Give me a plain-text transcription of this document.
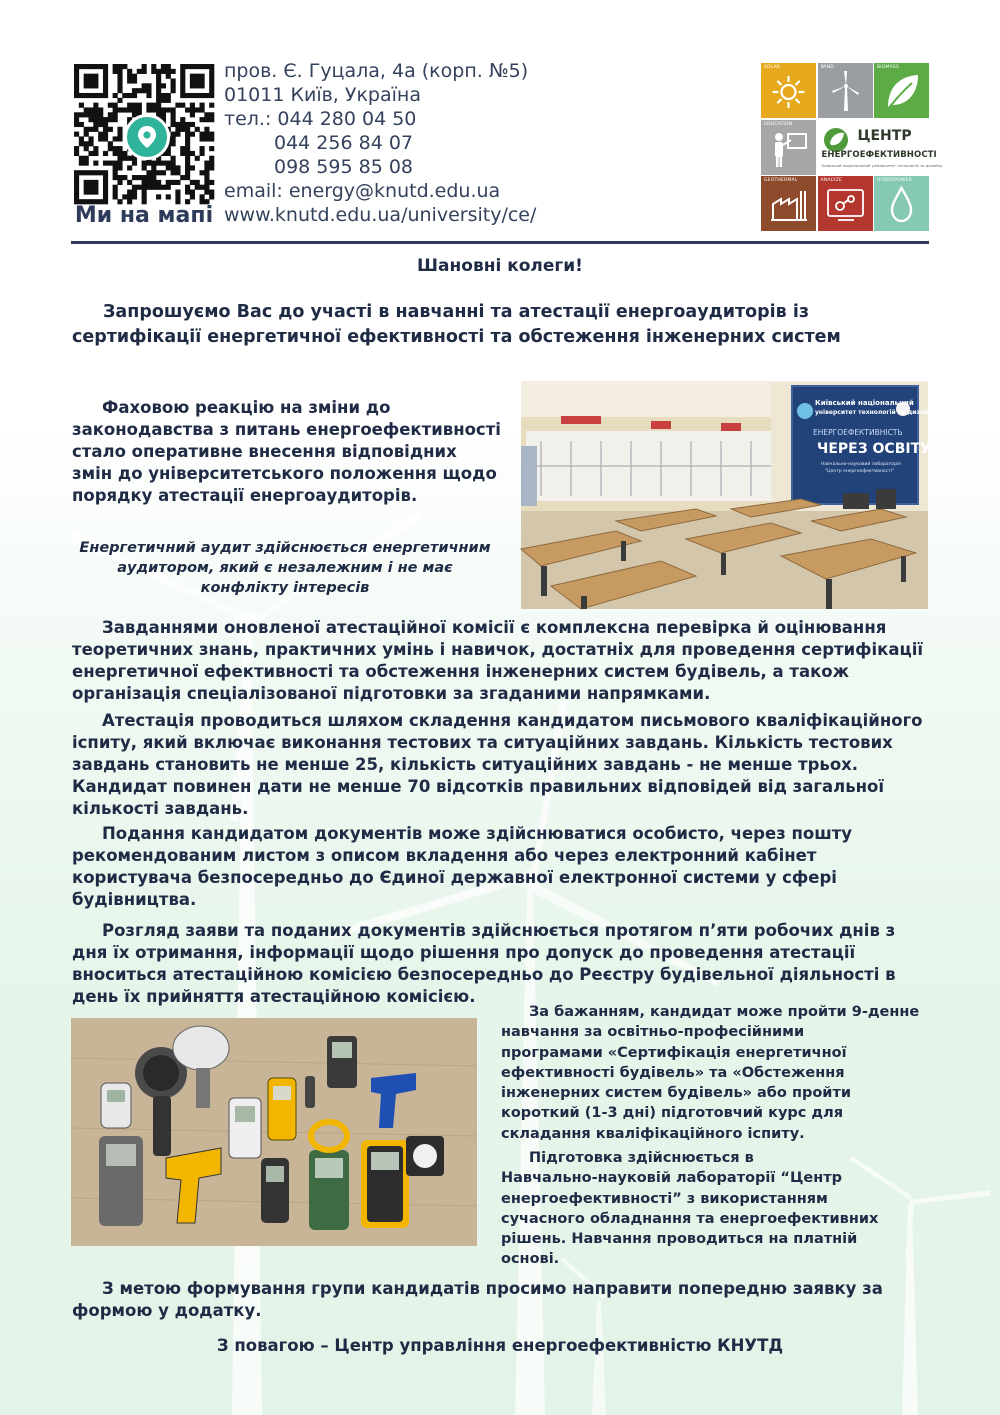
Ми на мапі
пров. Є. Гуцала, 4а (корп. №5)
01011 Київ, Україна
тел.: 044 280 04 50
044 256 84 07
098 595 85 08
email: energy@knutd.edu.ua
www.knutd.edu.ua/university/ce/
SOLAR	WIND	BIOMASS
EDUCATION
ЦЕНТР
ЕНЕРГОЕФЕКТИВНОСТІ
Київський національний університет технологій та дизайну
GEOTHERMAL	ANALYZE	HYDROPOWER
Шановні колеги!
Запрошуємо Вас до участі в навчанні та атестації енергоаудиторів із
сертифікації енергетичної ефективності та обстеження інженерних систем
Фаховою реакцію на зміни до
законодавства з питань енергоефективності
стало оперативне внесення відповідних
змін до університетського положення щодо
порядку атестації енергоаудиторів.
Енергетичний аудит здійснюється енергетичним
аудитором, який є незалежним і не має
конфлікту інтересів
Київський національний
університет технологій та дизайну
ЕНЕРГОЕФЕКТИВНІСТЬ
ЧЕРЕЗ ОСВІТУ
Навчально-науковий лабораторія
"Центр енергоефективності"
Завданнями оновленої атестаційної комісії є комплексна перевірка й оцінювання
теоретичних знань, практичних умінь і навичок, достатніх для проведення сертифікації
енергетичної ефективності та обстеження інженерних систем будівель, а також
організація спеціалізованої підготовки за згаданими напрямками.
Атестація проводиться шляхом складення кандидатом письмового кваліфікаційного
іспиту, який включає виконання тестових та ситуаційних завдань. Кількість тестових
завдань становить не менше 25, кількість ситуаційних завдань - не менше трьох.
Кандидат повинен дати не менше 70 відсотків правильних відповідей від загальної
кількості завдань.
Подання кандидатом документів може здійснюватися особисто, через пошту
рекомендованим листом з описом вкладення або через електронний кабінет
користувача безпосередньо до Єдиної державної електронної системи у сфері
будівництва.
Розгляд заяви та поданих документів здійснюється протягом п’яти робочих днів з
дня їх отримання, інформації щодо рішення про допуск до проведення атестації
вноситься атестаційною комісією безпосередньо до Реєстру будівельної діяльності в
день їх прийняття атестаційною комісією.
За бажанням, кандидат може пройти 9-денне
навчання за освітньо-професійними
програмами «Сертифікація енергетичної
ефективності будівель» та «Обстеження
інженерних систем будівель» або пройти
короткий (1-3 дні) підготовчий курс для
складання кваліфікаційного іспиту.
Підготовка здійснюється в
Навчально-науковій лабораторії “Центр
енергоефективності” з використанням
сучасного обладнання та енергоефективних
рішень. Навчання проводиться на платній
основі.
З метою формування групи кандидатів просимо направити попередню заявку за
формою у додатку.
З повагою – Центр управління енергоефективністю КНУТД
